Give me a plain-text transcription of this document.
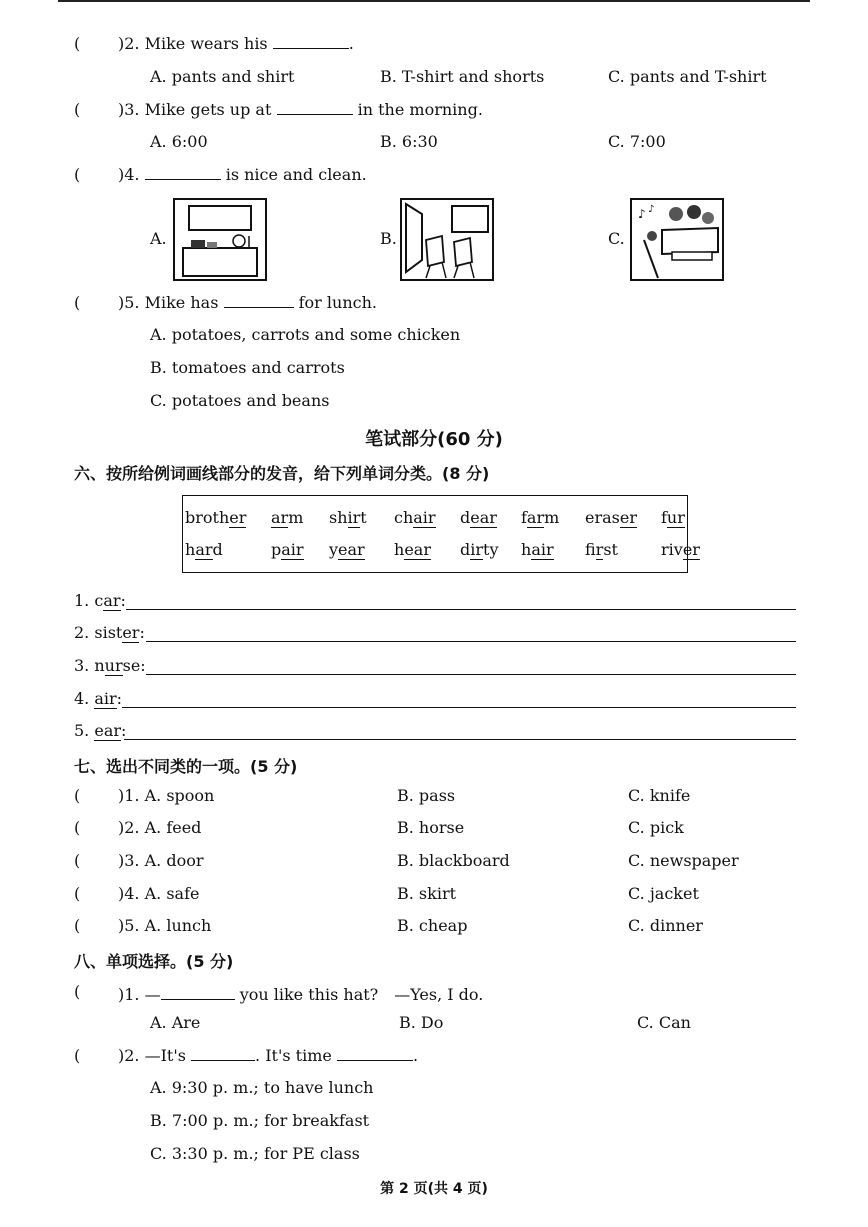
( )2. Mike wears his	.
A. pants and shirt	B. T-shirt and shorts	C. pants and T-shirt
( )3. Mike gets up at	in the morning.
A. 6:00	B. 6:30	C. 7:00
( )4.	is nice and clean.
A.	B.	C.
♪ ♪
( )5. Mike has	for lunch.
A. potatoes, carrots and some chicken
B. tomatoes and carrots
C. potatoes and beans
笔试部分(60 分)
六、按所给例词画线部分的发音，给下列单词分类。(8 分)
brother arm shirt chair dear farm eraser fur
hard	pair year hear dirty hair first	river
1. car:
2. sister:
3. nurse:
4. air:
5. ear:
七、选出不同类的一项。(5 分)
( )1. A. spoon	B. pass	C. knife
( )2. A. feed	B. horse	C. pick
( )3. A. door	B. blackboard	C. newspaper
( )4. A. safe	B. skirt	C. jacket
( )5. A. lunch	B. cheap	C. dinner
八、单项选择。(5 分)
( )1. —	you like this hat?　—Yes, I do.
A. Are	B. Do	C. Can
( )2. —It's	. It's time	.
A. 9:30 p. m.; to have lunch
B. 7:00 p. m.; for breakfast
C. 3:30 p. m.; for PE class
第 2 页(共 4 页)
